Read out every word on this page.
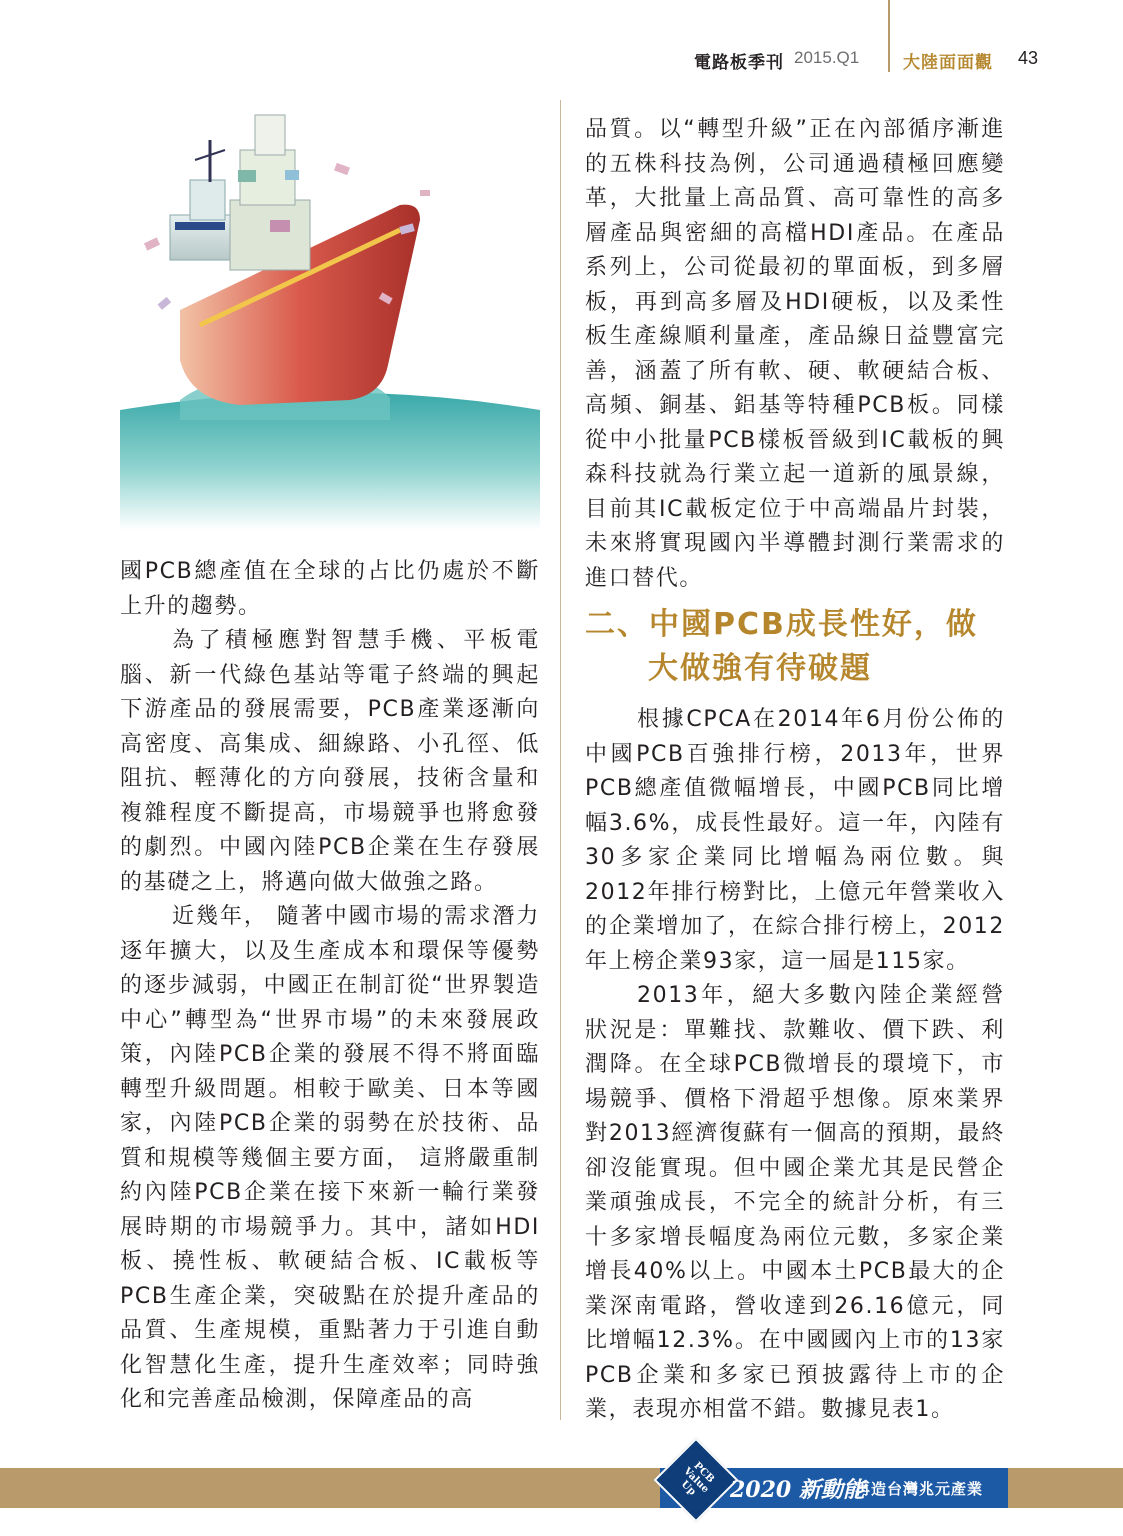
電路板季刊 2015.Q1	大陸面面觀 43

國PCB總產值在全球的占比仍處於不斷上升的趨勢。

為了積極應對智慧手機、平板電腦、新一代綠色基站等電子終端的興起下游產品的發展需要，PCB產業逐漸向高密度、高集成、細線路、小孔徑、低阻抗、輕薄化的方向發展，技術含量和複雜程度不斷提高，市場競爭也將愈發的劇烈。中國內陸PCB企業在生存發展的基礎之上，將邁向做大做強之路。

近幾年， 隨著中國市場的需求潛力逐年擴大，以及生產成本和環保等優勢的逐步減弱，中國正在制訂從“世界製造中心”轉型為“世界市場”的未來發展政策，內陸PCB企業的發展不得不將面臨轉型升級問題。相較于歐美、日本等國家，內陸PCB企業的弱勢在於技術、品質和規模等幾個主要方面， 這將嚴重制約內陸PCB企業在接下來新一輪行業發展時期的市場競爭力。其中，諸如HDI板、撓性板、軟硬結合板、IC載板等PCB生產企業，突破點在於提升產品的品質、生產規模，重點著力于引進自動化智慧化生產，提升生產效率；同時強化和完善產品檢測，保障產品的高

品質。以“轉型升級”正在內部循序漸進的五株科技為例，公司通過積極回應變革，大批量上高品質、高可靠性的高多層產品與密細的高檔HDI產品。在產品系列上，公司從最初的單面板，到多層板，再到高多層及HDI硬板，以及柔性板生產線順利量產，產品線日益豐富完善，涵蓋了所有軟、硬、軟硬結合板、高頻、銅基、鋁基等特種PCB板。同樣從中小批量PCB樣板晉級到IC載板的興森科技就為行業立起一道新的風景線，目前其IC載板定位于中高端晶片封裝，未來將實現國內半導體封測行業需求的進口替代。

二、中國PCB成長性好，做
大做強有待破題

根據CPCA在2014年6月份公佈的中國PCB百強排行榜，2013年，世界PCB總產值微幅增長，中國PCB同比增幅3.6%，成長性最好。這一年，內陸有30多家企業同比增幅為兩位數。與2012年排行榜對比，上億元年營業收入的企業增加了，在綜合排行榜上，2012年上榜企業93家，這一屆是115家。

2013年，絕大多數內陸企業經營狀況是：單難找、款難收、價下跌、利潤降。在全球PCB微增長的環境下，市場競爭、價格下滑超乎想像。原來業界對2013經濟復蘇有一個高的預期，最終卻沒能實現。但中國企業尤其是民營企業頑強成長，不完全的統計分析，有三十多家增長幅度為兩位元數，多家企業增長40%以上。中國本土PCB最大的企業深南電路，營收達到26.16億元，同比增幅12.3%。在中國國內上市的13家PCB企業和多家已預披露待上市的企業，表現亦相當不錯。數據見表1。

PCB Value Up	2020 新動能
再造台灣兆元產業
